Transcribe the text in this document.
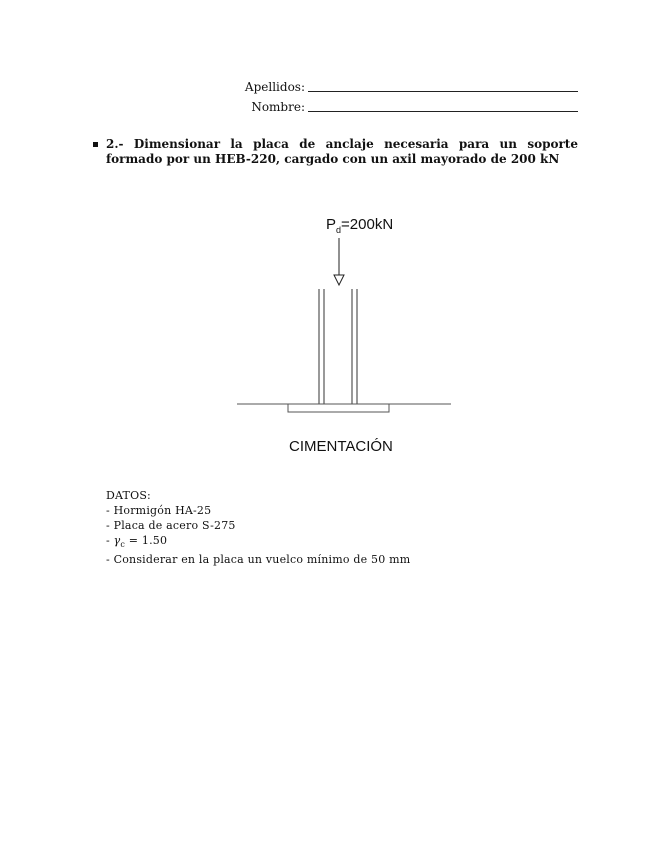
Apellidos:
Nombre:
2.- Dimensionar la placa de anclaje necesaria para un soporte formado por un HEB-220, cargado con un axil mayorado de 200 kN
$P_d=200kN$
CIMENTACIÓN
DATOS:
- Hormigón HA-25
- Placa de acero S-275
- $\gamma_c = 1.50$
- Considerar en la placa un vuelco mínimo de 50 mm
